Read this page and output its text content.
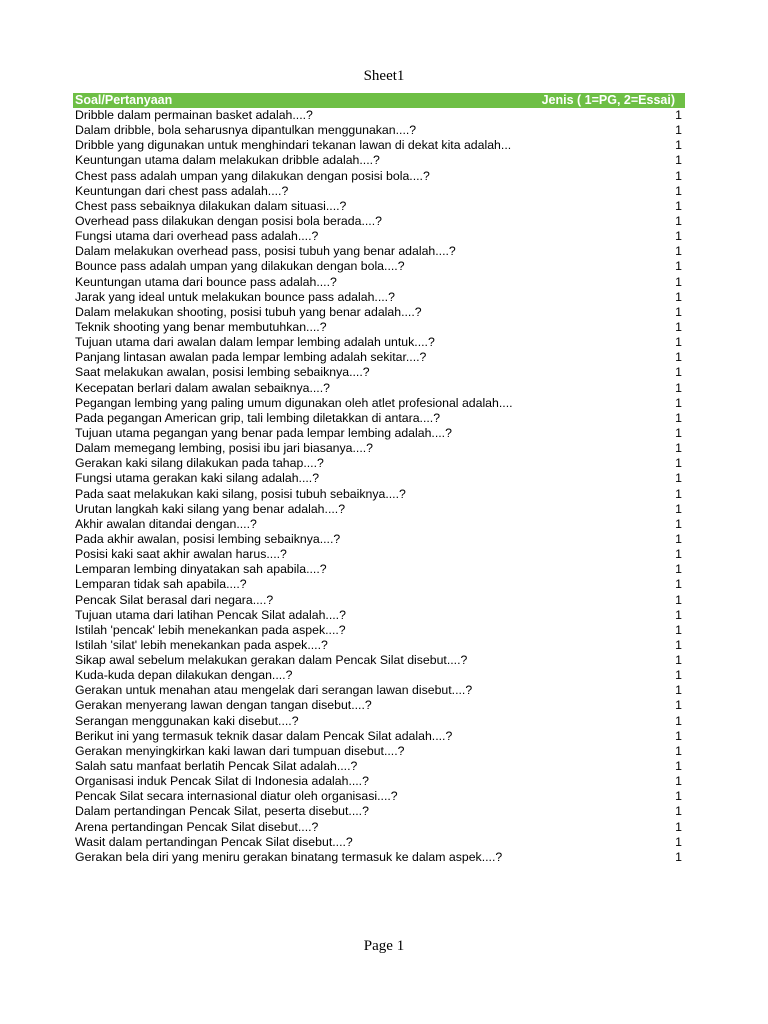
Sheet1
Soal/Pertanyaan	Jenis ( 1=PG, 2=Essai)
Dribble dalam permainan basket adalah....?	1
Dalam dribble, bola seharusnya dipantulkan menggunakan....?	1
Dribble yang digunakan untuk menghindari tekanan lawan di dekat kita adalah...	1
Keuntungan utama dalam melakukan dribble adalah....?	1
Chest pass adalah umpan yang dilakukan dengan posisi bola....?	1
Keuntungan dari chest pass adalah....?	1
Chest pass sebaiknya dilakukan dalam situasi....?	1
Overhead pass dilakukan dengan posisi bola berada....?	1
Fungsi utama dari overhead pass adalah....?	1
Dalam melakukan overhead pass, posisi tubuh yang benar adalah....?	1
Bounce pass adalah umpan yang dilakukan dengan bola....?	1
Keuntungan utama dari bounce pass adalah....?	1
Jarak yang ideal untuk melakukan bounce pass adalah....?	1
Dalam melakukan shooting, posisi tubuh yang benar adalah....?	1
Teknik shooting yang benar membutuhkan....?	1
Tujuan utama dari awalan dalam lempar lembing adalah untuk....?	1
Panjang lintasan awalan pada lempar lembing adalah sekitar....?	1
Saat melakukan awalan, posisi lembing sebaiknya....?	1
Kecepatan berlari dalam awalan sebaiknya....?	1
Pegangan lembing yang paling umum digunakan oleh atlet profesional adalah....	1
Pada pegangan American grip, tali lembing diletakkan di antara....?	1
Tujuan utama pegangan yang benar pada lempar lembing adalah....?	1
Dalam memegang lembing, posisi ibu jari biasanya....?	1
Gerakan kaki silang dilakukan pada tahap....?	1
Fungsi utama gerakan kaki silang adalah....?	1
Pada saat melakukan kaki silang, posisi tubuh sebaiknya....?	1
Urutan langkah kaki silang yang benar adalah....?	1
Akhir awalan ditandai dengan....?	1
Pada akhir awalan, posisi lembing sebaiknya....?	1
Posisi kaki saat akhir awalan harus....?	1
Lemparan lembing dinyatakan sah apabila....?	1
Lemparan tidak sah apabila....?	1
Pencak Silat berasal dari negara....?	1
Tujuan utama dari latihan Pencak Silat adalah....?	1
Istilah 'pencak' lebih menekankan pada aspek....?	1
Istilah 'silat' lebih menekankan pada aspek....?	1
Sikap awal sebelum melakukan gerakan dalam Pencak Silat disebut....?	1
Kuda-kuda depan dilakukan dengan....?	1
Gerakan untuk menahan atau mengelak dari serangan lawan disebut....?	1
Gerakan menyerang lawan dengan tangan disebut....?	1
Serangan menggunakan kaki disebut....?	1
Berikut ini yang termasuk teknik dasar dalam Pencak Silat adalah....?	1
Gerakan menyingkirkan kaki lawan dari tumpuan disebut....?	1
Salah satu manfaat berlatih Pencak Silat adalah....?	1
Organisasi induk Pencak Silat di Indonesia adalah....?	1
Pencak Silat secara internasional diatur oleh organisasi....?	1
Dalam pertandingan Pencak Silat, peserta disebut....?	1
Arena pertandingan Pencak Silat disebut....?	1
Wasit dalam pertandingan Pencak Silat disebut....?	1
Gerakan bela diri yang meniru gerakan binatang termasuk ke dalam aspek....?	1
Page 1
